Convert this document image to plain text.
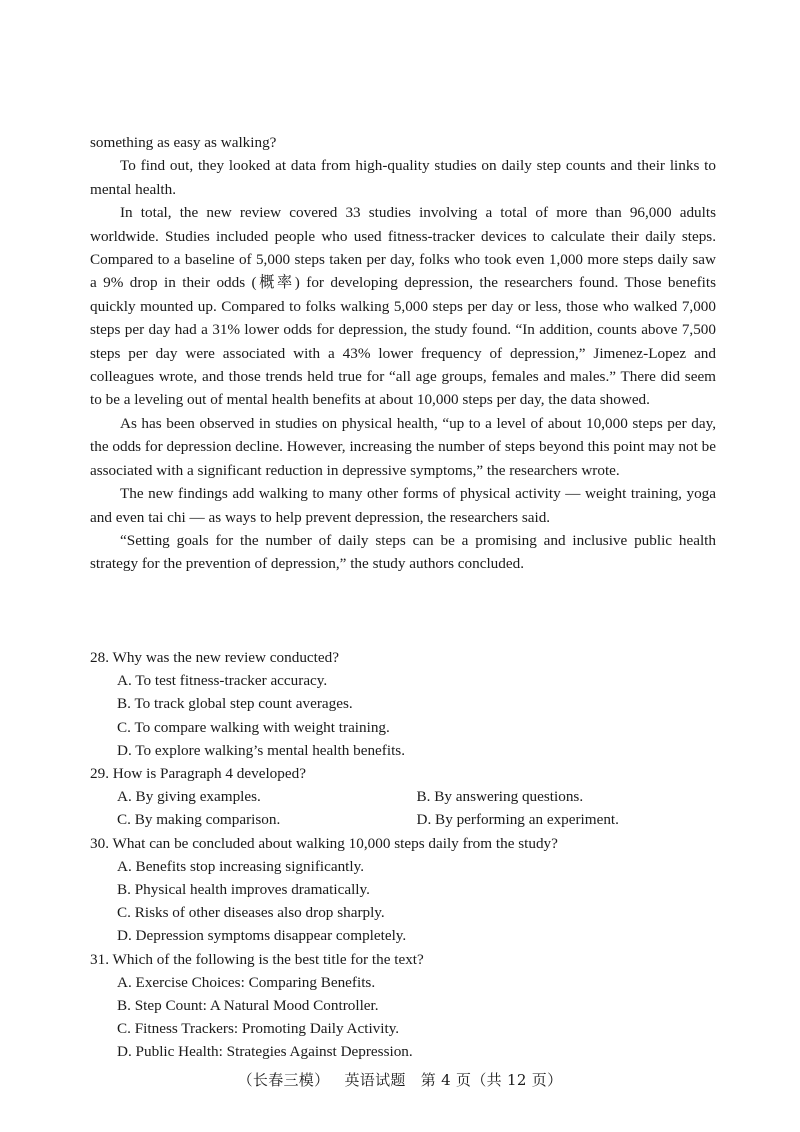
something as easy as walking?

To find out, they looked at data from high-quality studies on daily step counts and their links to mental health.

In total, the new review covered 33 studies involving a total of more than 96,000 adults worldwide. Studies included people who used fitness-tracker devices to calculate their daily steps. Compared to a baseline of 5,000 steps taken per day, folks who took even 1,000 more steps daily saw a 9% drop in their odds (概率) for developing depression, the researchers found. Those benefits quickly mounted up. Compared to folks walking 5,000 steps per day or less, those who walked 7,000 steps per day had a 31% lower odds for depression, the study found. “In addition, counts above 7,500 steps per day were associated with a 43% lower frequency of depression,” Jimenez-Lopez and colleagues wrote, and those trends held true for “all age groups, females and males.” There did seem to be a leveling out of mental health benefits at about 10,000 steps per day, the data showed.

As has been observed in studies on physical health, “up to a level of about 10,000 steps per day, the odds for depression decline. However, increasing the number of steps beyond this point may not be associated with a significant reduction in depressive symptoms,” the researchers wrote.

The new findings add walking to many other forms of physical activity — weight training, yoga and even tai chi — as ways to help prevent depression, the researchers said.

“Setting goals for the number of daily steps can be a promising and inclusive public health strategy for the prevention of depression,” the study authors concluded.

28. Why was the new review conducted?

A. To test fitness-tracker accuracy.

B. To track global step count averages.

C. To compare walking with weight training.

D. To explore walking’s mental health benefits.

29. How is Paragraph 4 developed?

A. By giving examples.	B. By answering questions.
C. By making comparison.	D. By performing an experiment.

30. What can be concluded about walking 10,000 steps daily from the study?

A. Benefits stop increasing significantly.

B. Physical health improves dramatically.

C. Risks of other diseases also drop sharply.

D. Depression symptoms disappear completely.

31. Which of the following is the best title for the text?

A. Exercise Choices: Comparing Benefits.

B. Step Count: A Natural Mood Controller.

C. Fitness Trackers: Promoting Daily Activity.

D. Public Health: Strategies Against Depression.

（长春三模） 英语试题 第 4 页（共 12 页）
